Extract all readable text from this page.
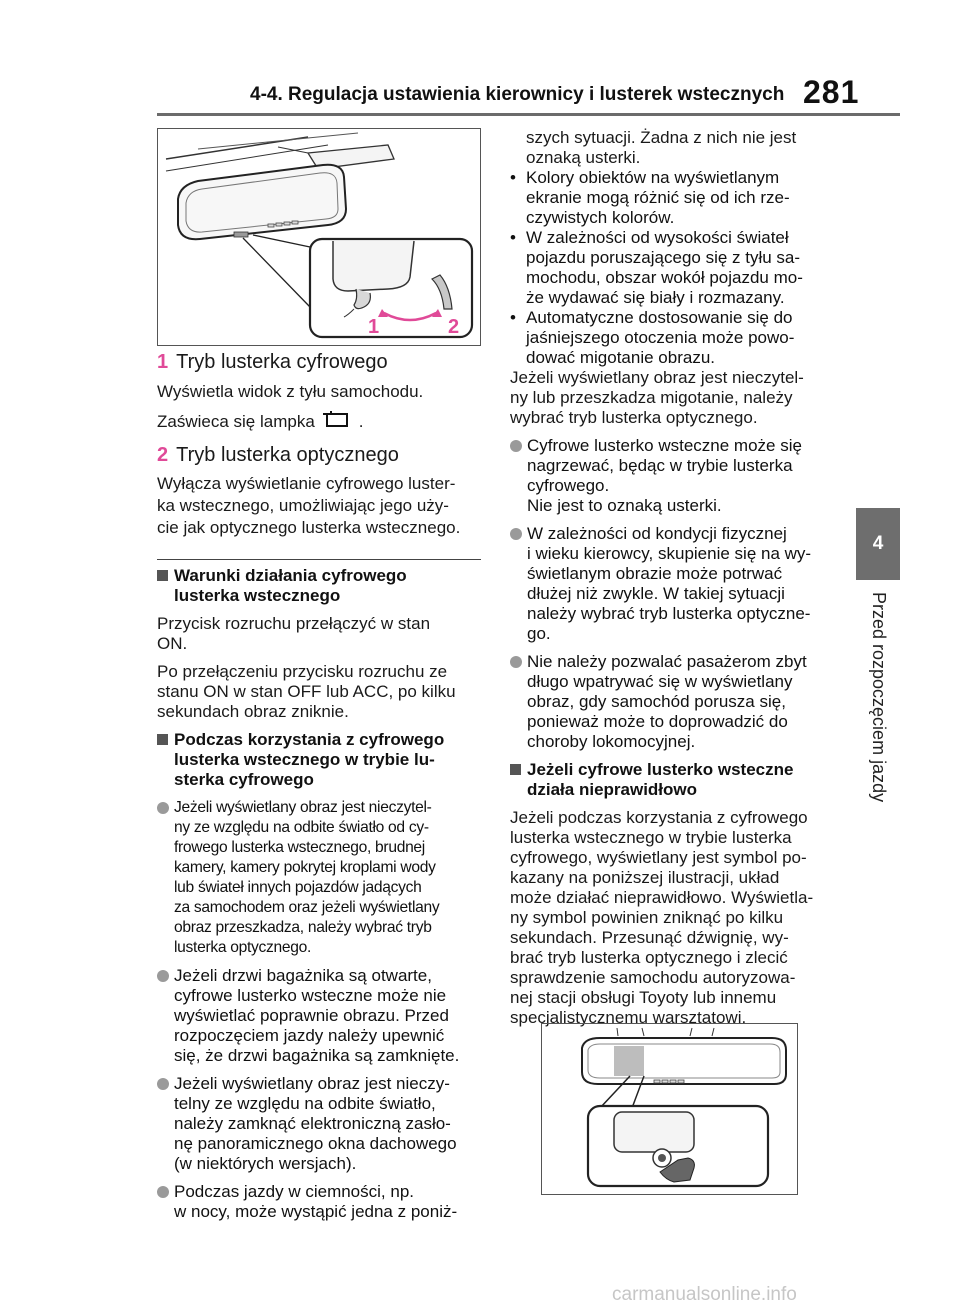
4-4. Regulacja ustawienia kierownicy i lusterek wstecznych 281
4
Przed rozpoczęciem jazdy
1	2
1 Tryb lusterka cyfrowego

Wyświetla widok z tyłu samochodu.

Zaświeca się lampka	.

2 Tryb lusterka optycznego
Wyłącza wyświetlanie cyfrowego luster-
ka wstecznego, umożliwiając jego uży-
cie jak optycznego lusterka wstecznego.
Warunki działania cyfrowego
lusterka wstecznego
Przycisk rozruchu przełączyć w stan
ON.
Po przełączeniu przycisku rozruchu ze
stanu ON w stan OFF lub ACC, po kilku
sekundach obraz zniknie.
Podczas korzystania z cyfrowego
lusterka wstecznego w trybie lu-
sterka cyfrowego
Jeżeli wyświetlany obraz jest nieczytel-
ny ze względu na odbite światło od cy-
frowego lusterka wstecznego, brudnej
kamery, kamery pokrytej kroplami wody
lub świateł innych pojazdów jadących
za samochodem oraz jeżeli wyświetlany
obraz przeszkadza, należy wybrać tryb
lusterka optycznego.
Jeżeli drzwi bagażnika są otwarte,
cyfrowe lusterko wsteczne może nie
wyświetlać poprawnie obrazu. Przed
rozpoczęciem jazdy należy upewnić
się, że drzwi bagażnika są zamknięte.
Jeżeli wyświetlany obraz jest nieczy-
telny ze względu na odbite światło,
należy zamknąć elektroniczną zasło-
nę panoramicznego okna dachowego
(w niektórych wersjach).
Podczas jazdy w ciemności, np.
w nocy, może wystąpić jedna z poniż-
szych sytuacji. Żadna z nich nie jest
oznaką usterki.
• Kolory obiektów na wyświetlanym
ekranie mogą różnić się od ich rze-
czywistych kolorów.
• W zależności od wysokości świateł
pojazdu poruszającego się z tyłu sa-
mochodu, obszar wokół pojazdu mo-
że wydawać się biały i rozmazany.
• Automatyczne dostosowanie się do
jaśniejszego otoczenia może powo-
dować migotanie obrazu.
Jeżeli wyświetlany obraz jest nieczytel-
ny lub przeszkadza migotanie, należy
wybrać tryb lusterka optycznego.
Cyfrowe lusterko wsteczne może się
nagrzewać, będąc w trybie lusterka
cyfrowego.
Nie jest to oznaką usterki.
W zależności od kondycji fizycznej
i wieku kierowcy, skupienie się na wy-
świetlanym obrazie może potrwać
dłużej niż zwykle. W takiej sytuacji
należy wybrać tryb lusterka optyczne-
go.
Nie należy pozwalać pasażerom zbyt
długo wpatrywać się w wyświetlany
obraz, gdy samochód porusza się,
ponieważ może to doprowadzić do
choroby lokomocyjnej.
Jeżeli cyfrowe lusterko wsteczne
działa nieprawidłowo
Jeżeli podczas korzystania z cyfrowego
lusterka wstecznego w trybie lusterka
cyfrowego, wyświetlany jest symbol po-
kazany na poniższej ilustracji, układ
może działać nieprawidłowo. Wyświetla-
ny symbol powinien zniknąć po kilku
sekundach. Przesunąć dźwignię, wy-
brać tryb lusterka optycznego i zlecić
sprawdzenie samochodu autoryzowa-
nej stacji obsługi Toyoty lub innemu
specjalistycznemu warsztatowi.
carmanualsonline.info
